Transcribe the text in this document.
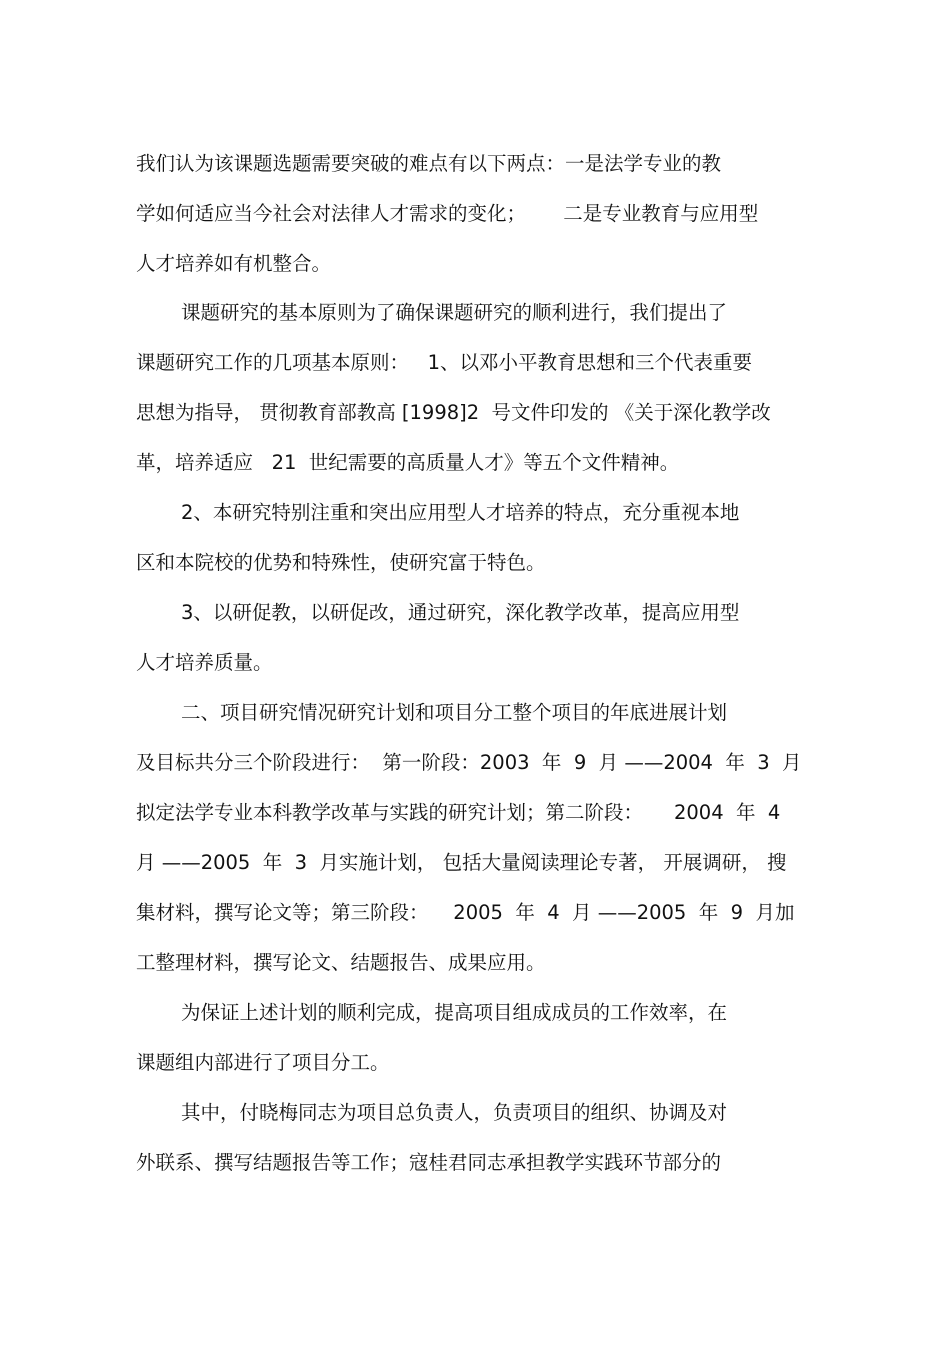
我们认为该课题选题需要突破的难点有以下两点：一是法学专业的教
学如何适应当今社会对法律人才需求的变化；      二是专业教育与应用型
人才培养如有机整合。
课题研究的基本原则为了确保课题研究的顺利进行，我们提出了
课题研究工作的几项基本原则：   1、以邓小平教育思想和三个代表重要
思想为指导， 贯彻教育部教高 [1998]2  号文件印发的 《关于深化教学改
革，培养适应   21  世纪需要的高质量人才》等五个文件精神。
2、本研究特别注重和突出应用型人才培养的特点，充分重视本地
区和本院校的优势和特殊性，使研究富于特色。
3、以研促教，以研促改，通过研究，深化教学改革，提高应用型
人才培养质量。
二、项目研究情况研究计划和项目分工整个项目的年底进展计划
及目标共分三个阶段进行：  第一阶段：2003  年  9  月 ——2004  年  3  月
拟定法学专业本科教学改革与实践的研究计划；第二阶段：     2004  年  4
月 ——2005  年  3  月实施计划， 包括大量阅读理论专著， 开展调研， 搜
集材料，撰写论文等；第三阶段：    2005  年  4  月 ——2005  年  9  月加
工整理材料，撰写论文、结题报告、成果应用。
为保证上述计划的顺利完成，提高项目组成成员的工作效率，在
课题组内部进行了项目分工。
其中，付晓梅同志为项目总负责人，负责项目的组织、协调及对
外联系、撰写结题报告等工作；寇桂君同志承担教学实践环节部分的
